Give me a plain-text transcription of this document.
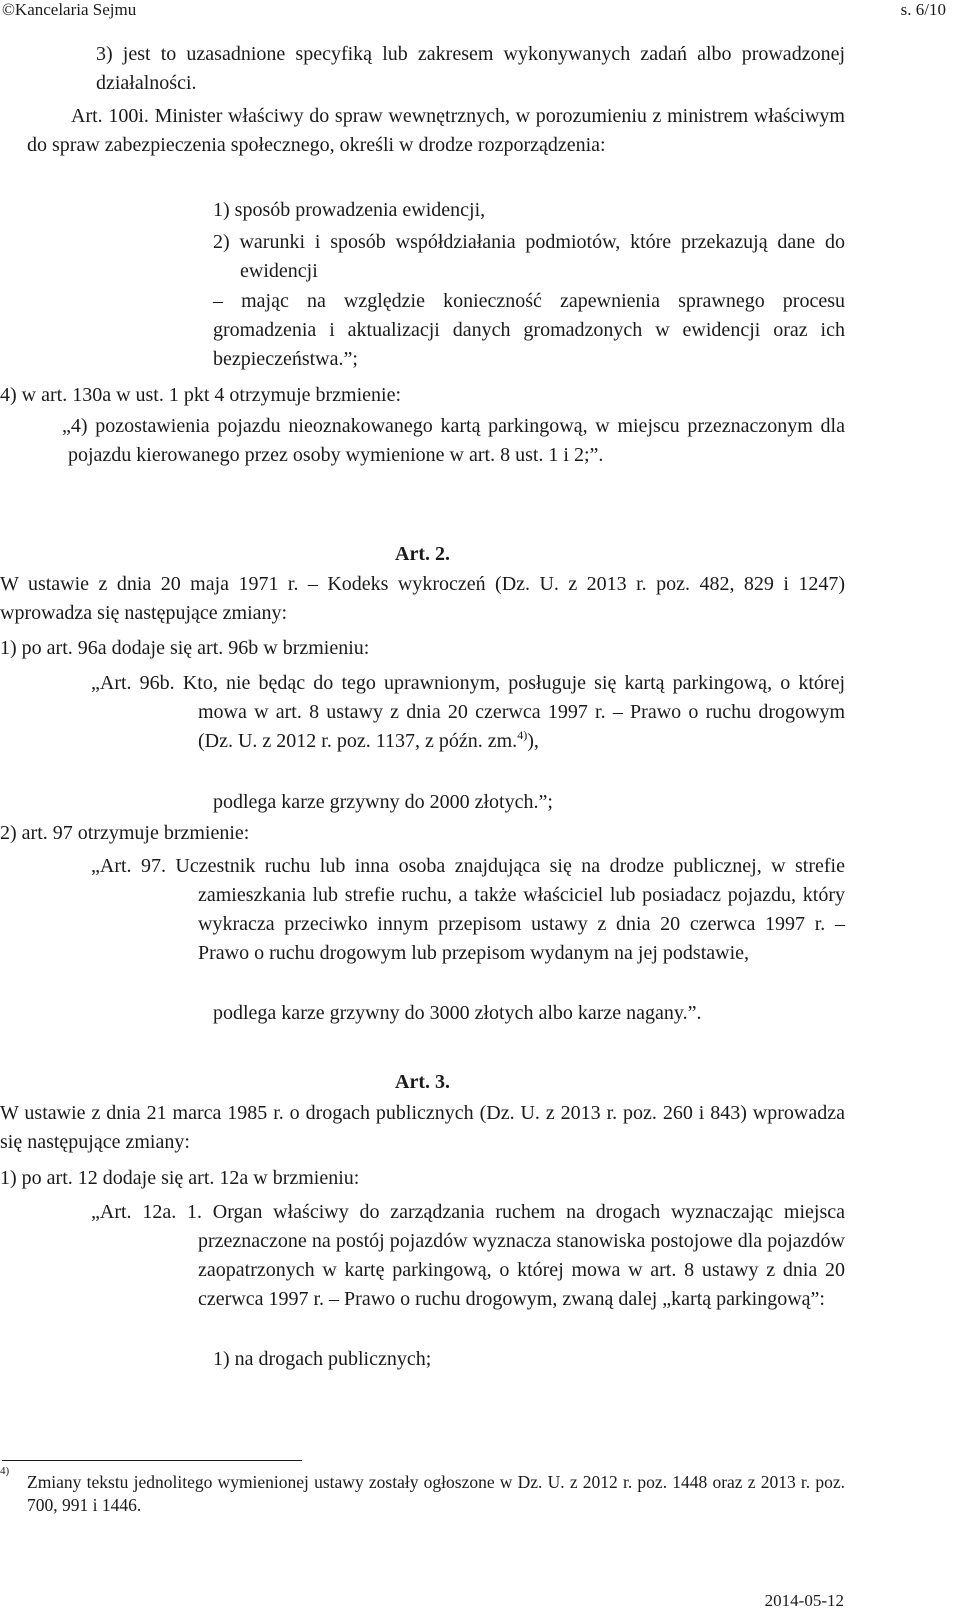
©Kancelaria Sejmu	s. 6/10
3) jest to uzasadnione specyfiką lub zakresem wykonywanych zadań albo prowadzonej działalności.
Art. 100i. Minister właściwy do spraw wewnętrznych, w porozumieniu z ministrem właściwym do spraw zabezpieczenia społecznego, określi w drodze rozporządzenia:
1) sposób prowadzenia ewidencji,
2) warunki i sposób współdziałania podmiotów, które przekazują dane do ewidencji
– mając na względzie konieczność zapewnienia sprawnego procesu gromadzenia i aktualizacji danych gromadzonych w ewidencji oraz ich bezpieczeństwa.”;
4) w art. 130a w ust. 1 pkt 4 otrzymuje brzmienie:
„4) pozostawienia pojazdu nieoznakowanego kartą parkingową, w miejscu przeznaczonym dla pojazdu kierowanego przez osoby wymienione w art. 8 ust. 1 i 2;”.
Art. 2.
W ustawie z dnia 20 maja 1971 r. – Kodeks wykroczeń (Dz. U. z 2013 r. poz. 482, 829 i 1247) wprowadza się następujące zmiany:
1) po art. 96a dodaje się art. 96b w brzmieniu:
„Art. 96b. Kto, nie będąc do tego uprawnionym, posługuje się kartą parkingową, o której mowa w art. 8 ustawy z dnia 20 czerwca 1997 r. – Prawo o ruchu drogowym (Dz. U. z 2012 r. poz. 1137, z późn. zm.$^{4)}$),
podlega karze grzywny do 2000 złotych.”;
2) art. 97 otrzymuje brzmienie:
„Art. 97. Uczestnik ruchu lub inna osoba znajdująca się na drodze publicznej, w strefie zamieszkania lub strefie ruchu, a także właściciel lub posiadacz pojazdu, który wykracza przeciwko innym przepisom ustawy z dnia 20 czerwca 1997 r. – Prawo o ruchu drogowym lub przepisom wydanym na jej podstawie,
podlega karze grzywny do 3000 złotych albo karze nagany.”.
Art. 3.
W ustawie z dnia 21 marca 1985 r. o drogach publicznych (Dz. U. z 2013 r. poz. 260 i 843) wprowadza się następujące zmiany:
1) po art. 12 dodaje się art. 12a w brzmieniu:
„Art. 12a. 1. Organ właściwy do zarządzania ruchem na drogach wyznaczając miejsca przeznaczone na postój pojazdów wyznacza stanowiska postojowe dla pojazdów zaopatrzonych w kartę parkingową, o której mowa w art. 8 ustawy z dnia 20 czerwca 1997 r. – Prawo o ruchu drogowym, zwaną dalej „kartą parkingową”:
1) na drogach publicznych;
4)
Zmiany tekstu jednolitego wymienionej ustawy zostały ogłoszone w Dz. U. z 2012 r. poz. 1448 oraz z 2013 r. poz. 700, 991 i 1446.
2014-05-12
